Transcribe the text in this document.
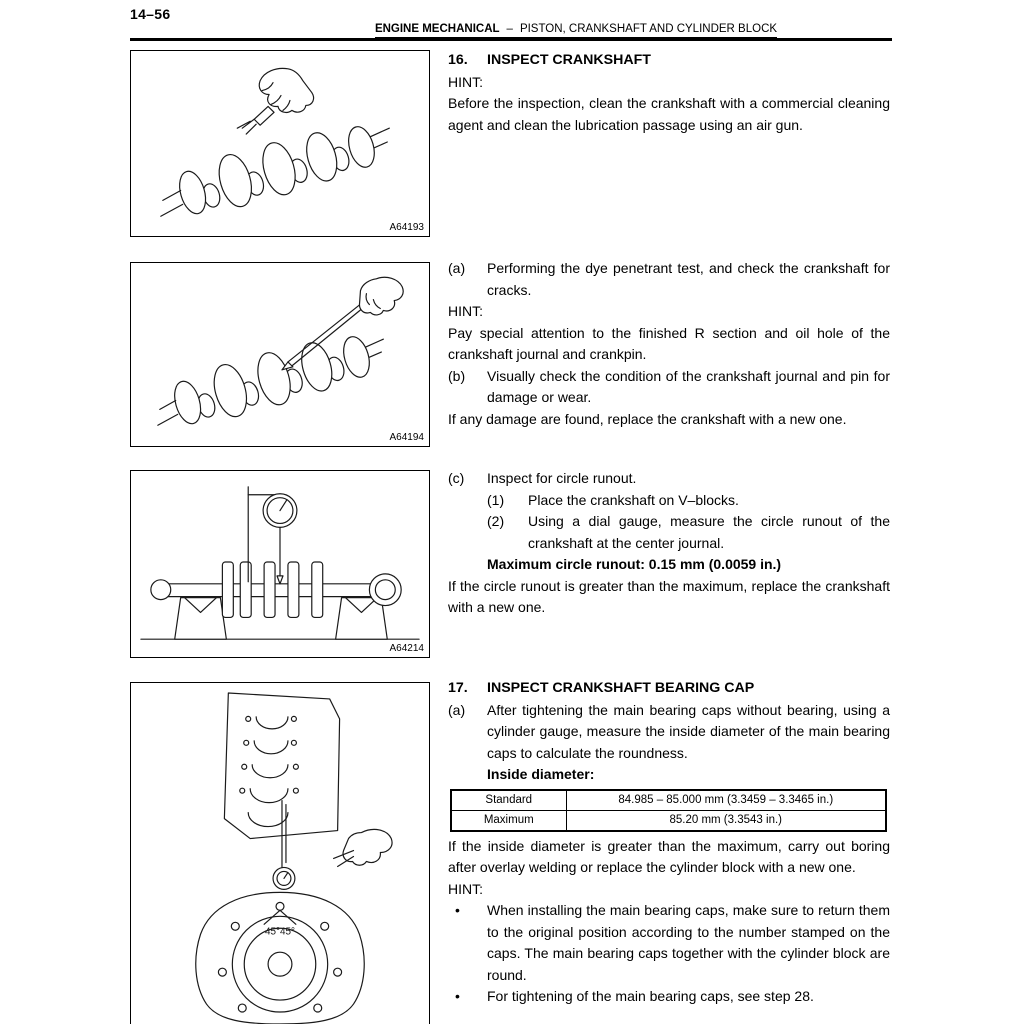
14–56
ENGINE MECHANICAL – PISTON, CRANKSHAFT AND CYLINDER BLOCK
A64193
A64194
A64214
45°45°
16.	INSPECT CRANKSHAFT
HINT:
Before the inspection, clean the crankshaft with a commercial cleaning agent and clean the lubrication passage using an air gun.
(a)	Performing the dye penetrant test, and check the crankshaft for cracks.
HINT:
Pay special attention to the finished R section and oil hole of the crankshaft journal and crankpin.
(b)	Visually check the condition of the crankshaft journal and pin for damage or wear.
If any damage are found, replace the crankshaft with a new one.
(c)	Inspect for circle runout.
(1)	Place the crankshaft on V–blocks.
(2)	Using a dial gauge, measure the circle runout of the crankshaft at the center journal.
Maximum circle runout: 0.15 mm (0.0059 in.)
If the circle runout is greater than the maximum, replace the crankshaft with a new one.
17.	INSPECT CRANKSHAFT BEARING CAP
(a)	After tightening the main bearing caps without bearing, using a cylinder gauge, measure the inside diameter of the main bearing caps to calculate the roundness.
Inside diameter:
Standard	84.985 – 85.000 mm (3.3459 – 3.3465 in.)
Maximum	85.20 mm (3.3543 in.)
If the inside diameter is greater than the maximum, carry out boring after overlay welding or replace the cylinder block with a new one.
HINT:
•	When installing the main bearing caps, make sure to return them to the original position according to the number stamped on the caps. The main bearing caps together with the cylinder block are round.
•	For tightening of the main bearing caps, see step 28.
